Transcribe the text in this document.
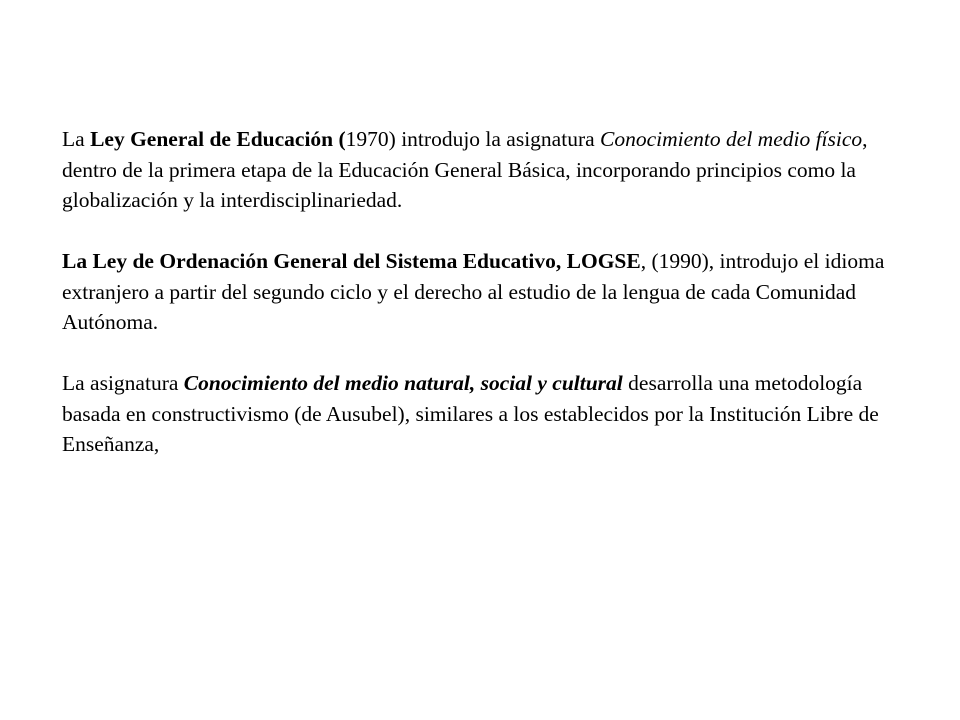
La Ley General de Educación (1970) introdujo la asignatura Conocimiento del medio físico, dentro de la primera etapa de la Educación General Básica, incorporando principios como la globalización y la interdisciplinariedad.

La Ley de Ordenación General del Sistema Educativo, LOGSE, (1990), introdujo el idioma extranjero a partir del segundo ciclo y el derecho al estudio de la lengua de cada Comunidad Autónoma.

La asignatura Conocimiento del medio natural, social y cultural desarrolla una metodología basada en constructivismo (de Ausubel), similares a los establecidos por la Institución Libre de Enseñanza,
